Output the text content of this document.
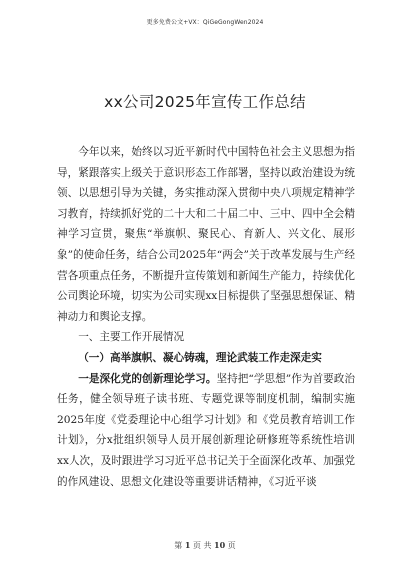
更多免费公文+VX：QiGeGongWen2024
xx公司2025年宣传工作总结

今年以来，始终以习近平新时代中国特色社会主义思想为指导，紧跟落实上级关于意识形态工作部署，坚持以政治建设为统领、以思想引导为关键，务实推动深入贯彻中央八项规定精神学习教育，持续抓好党的二十大和二十届二中、三中、四中全会精神学习宣贯，聚焦“举旗帜、聚民心、育新人、兴文化、展形象”的使命任务，结合公司2025年“两会”关于改革发展与生产经营各项重点任务，不断提升宣传策划和新闻生产能力，持续优化公司舆论环境，切实为公司实现xx目标提供了坚强思想保证、精神动力和舆论支撑。

一、主要工作开展情况

（一）高举旗帜、凝心铸魂，理论武装工作走深走实

一是深化党的创新理论学习。坚持把“学思想”作为首要政治任务，健全领导班子读书班、专题党课等制度机制，编制实施2025年度《党委理论中心组学习计划》和《党员教育培训工作计划》，分x批组织领导人员开展创新理论研修班等系统性培训xx人次，及时跟进学习习近平总书记关于全面深化改革、加强党的作风建设、思想文化建设等重要讲话精神，《习近平谈

第 1 页 共 10 页
